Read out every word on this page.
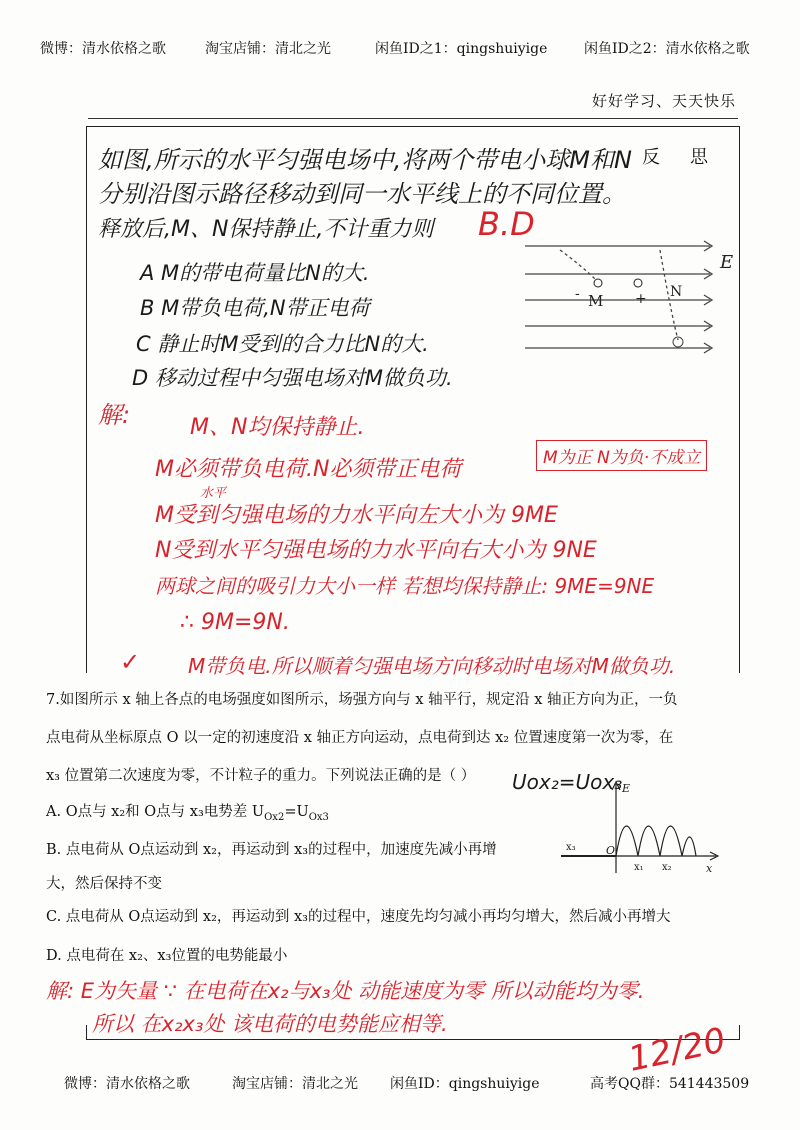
微博：清水依格之歌	淘宝店铺：清北之光	闲鱼ID之1：qingshuiyige	闲鱼ID之2：清水依格之歌
好好学习、天天快乐
反 思
如图,所示的水平匀强电场中,将两个带电小球M和N
分别沿图示路径移动到同一水平线上的不同位置。
释放后,M、N保持静止,不计重力则 B.D
A M的带电荷量比N的大.
B M带负电荷,N带正电荷
C 静止时M受到的合力比N的大.
D 移动过程中匀强电场对M做负功.
E
M	N
-	+
解:	M、N均保持静止.
M必须带负电荷.N必须带正电荷	M为正 N为负·不成立
水平
M受到匀强电场的力水平向左大小为 9ME
N受到水平匀强电场的力水平向右大小为 9NE
两球之间的吸引力大小一样 若想均保持静止: 9ME=9NE
∴ 9M=9N.
✓ M带负电.所以顺着匀强电场方向移动时电场对M做负功.
7.如图所示 x 轴上各点的电场强度如图所示，场强方向与 x 轴平行，规定沿 x 轴正方向为正，一负
点电荷从坐标原点 O 以一定的初速度沿 x 轴正方向运动，点电荷到达 x₂ 位置速度第一次为零，在
x₃ 位置第二次速度为零，不计粒子的重力。下列说法正确的是（ ）
A. O点与 x₂和 O点与 x₃电势差 $U_{Ox2}=U_{Ox3}$
B. 点电荷从 O点运动到 x₂，再运动到 x₃的过程中，加速度先减小再增
大，然后保持不变
C. 点电荷从 O点运动到 x₂，再运动到 x₃的过程中，速度先均匀减小再均匀增大，然后减小再增大
D. 点电荷在 x₂、x₃位置的电势能最小
Uox₂=Uox₃ E
O
x
x₁ x₂
x₃
解: E为矢量 ∵ 在电荷在x₂与x₃处 动能速度为零 所以动能均为零.
所以 在x₂x₃处 该电荷的电势能应相等.	12/20
微博：清水依格之歌	淘宝店铺：清北之光 闲鱼ID：qingshuiyige	高考QQ群：541443509
